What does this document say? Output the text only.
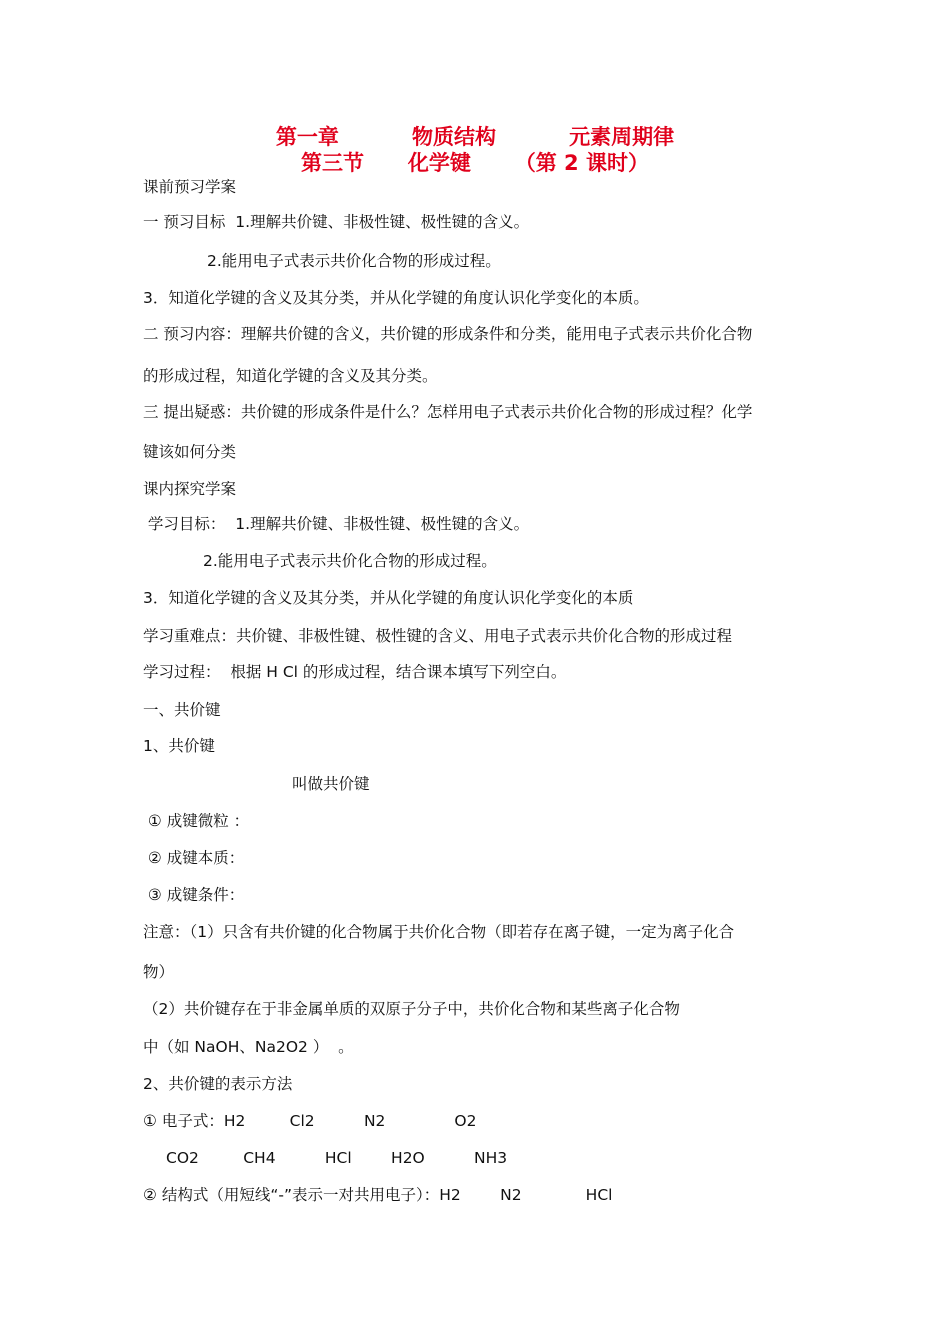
第一章          物质结构          元素周期律
第三节      化学键      （第 2 课时）
课前预习学案
一 预习目标  1.理解共价键、非极性键、极性键的含义。
2.能用电子式表示共价化合物的形成过程。
3．知道化学键的含义及其分类，并从化学键的角度认识化学变化的本质。
二 预习内容：理解共价键的含义，共价键的形成条件和分类，能用电子式表示共价化合物
的形成过程，知道化学键的含义及其分类。
三 提出疑惑：共价键的形成条件是什么？怎样用电子式表示共价化合物的形成过程？化学
键该如何分类
课内探究学案
学习目标：  1.理解共价键、非极性键、极性键的含义。
2.能用电子式表示共价化合物的形成过程。
3．知道化学键的含义及其分类，并从化学键的角度认识化学变化的本质
学习重难点：共价键、非极性键、极性键的含义、用电子式表示共价化合物的形成过程
学习过程：  根据 H Cl 的形成过程，结合课本填写下列空白。
一、共价键
1、共价键
叫做共价键
① 成键微粒 ：
② 成键本质：
③ 成键条件：
注意：（1）只含有共价键的化合物属于共价化合物（即若存在离子键，一定为离子化合
物）
（2）共价键存在于非金属单质的双原子分子中，共价化合物和某些离子化合物
中（如 NaOH、Na2O2 ）  。
2、共价键的表示方法
① 电子式：H2         Cl2          N2              O2
CO2         CH4          HCl        H2O          NH3
② 结构式（用短线“-”表示一对共用电子）：H2        N2             HCl
